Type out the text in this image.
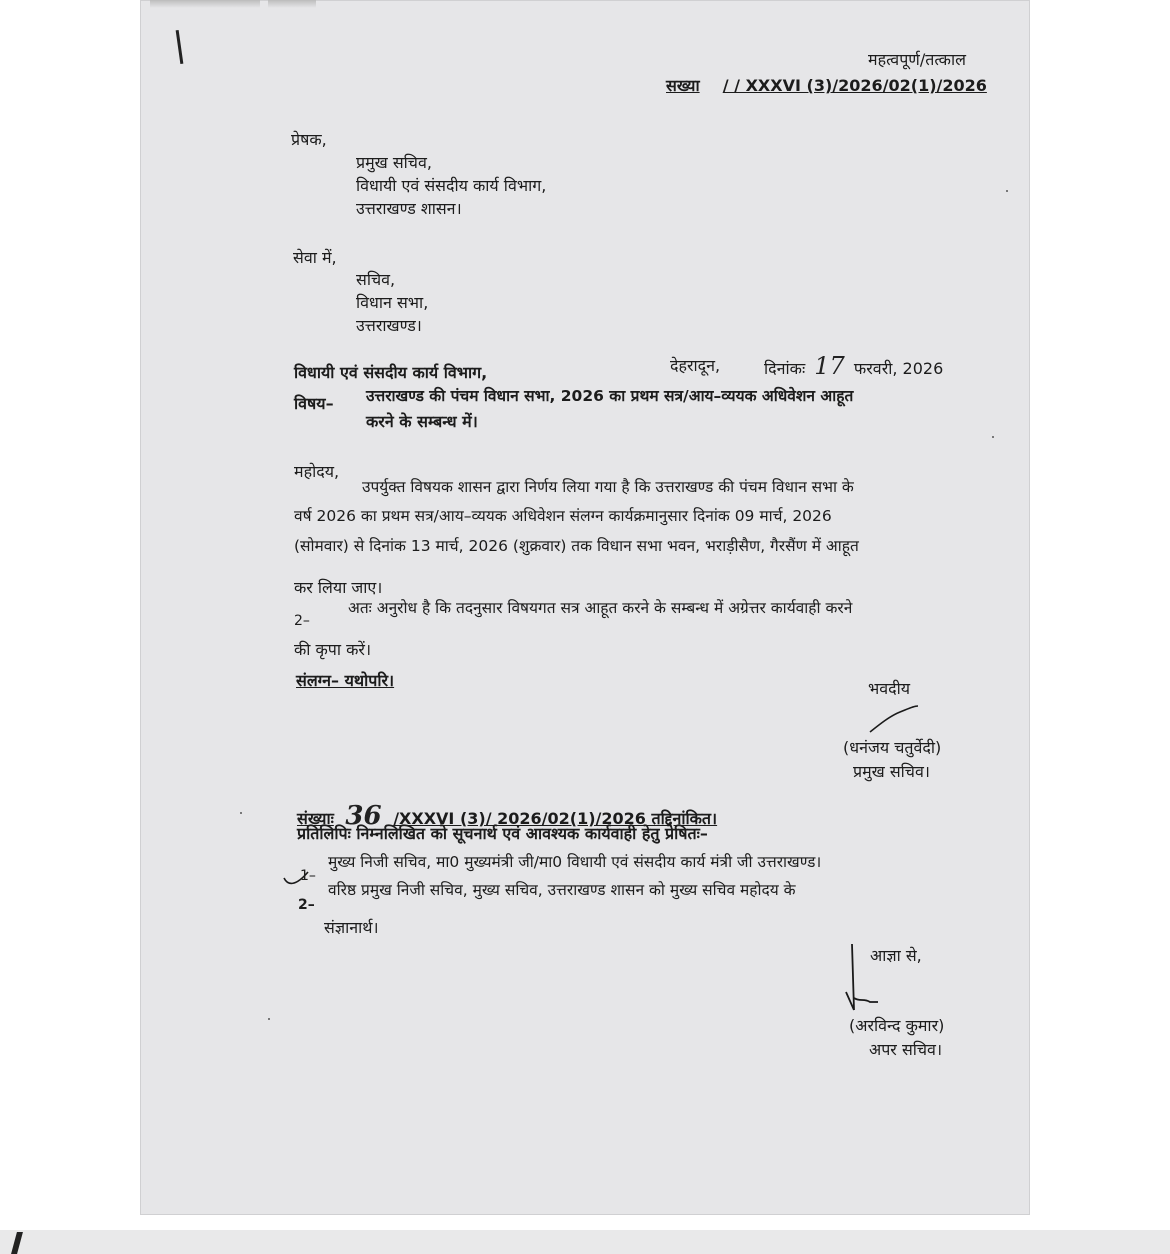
महत्वपूर्ण/तत्काल
सख्या / / XXXVI (3)/2026/02(1)/2026
प्रेषक,
प्रमुख सचिव,
विधायी एवं संसदीय कार्य विभाग,
उत्तराखण्ड शासन।
सेवा में,
सचिव,
विधान सभा,
उत्तराखण्ड।
विधायी एवं संसदीय कार्य विभाग,	देहरादून,	दिनांकः 17 फरवरी, 2026
विषय– उत्तराखण्ड की पंचम विधान सभा, 2026 का प्रथम सत्र/आय–व्ययक अधिवेशन आहूत
करने के सम्बन्ध में।
महोदय,
उपर्युक्त विषयक शासन द्वारा निर्णय लिया गया है कि उत्तराखण्ड की पंचम विधान सभा के
वर्ष 2026 का प्रथम सत्र/आय–व्ययक अधिवेशन संलग्न कार्यक्रमानुसार दिनांक 09 मार्च, 2026
(सोमवार) से दिनांक 13 मार्च, 2026 (शुक्रवार) तक विधान सभा भवन, भराड़ीसैण, गैरसैंण में आहूत
कर लिया जाए।
2–
अतः अनुरोध है कि तदनुसार विषयगत सत्र आहूत करने के सम्बन्ध में अग्रेत्तर कार्यवाही करने
की कृपा करें।
संलग्न– यथोपरि।	भवदीय
(धनंजय चतुर्वेदी)
प्रमुख सचिव।
संख्याः 36 /XXXVI (3)/ 2026/02(1)/2026 तद्दिनांकित।
प्रतिलिपिः निम्नलिखित को सूचनार्थ एवं आवश्यक कार्यवाही हेतु प्रेषितः–
1–
मुख्य निजी सचिव, मा0 मुख्यमंत्री जी/मा0 विधायी एवं संसदीय कार्य मंत्री जी उत्तराखण्ड।
2–
वरिष्ठ प्रमुख निजी सचिव, मुख्य सचिव, उत्तराखण्ड शासन को मुख्य सचिव महोदय के
संज्ञानार्थ।
आज्ञा से,
(अरविन्द कुमार)
अपर सचिव।
